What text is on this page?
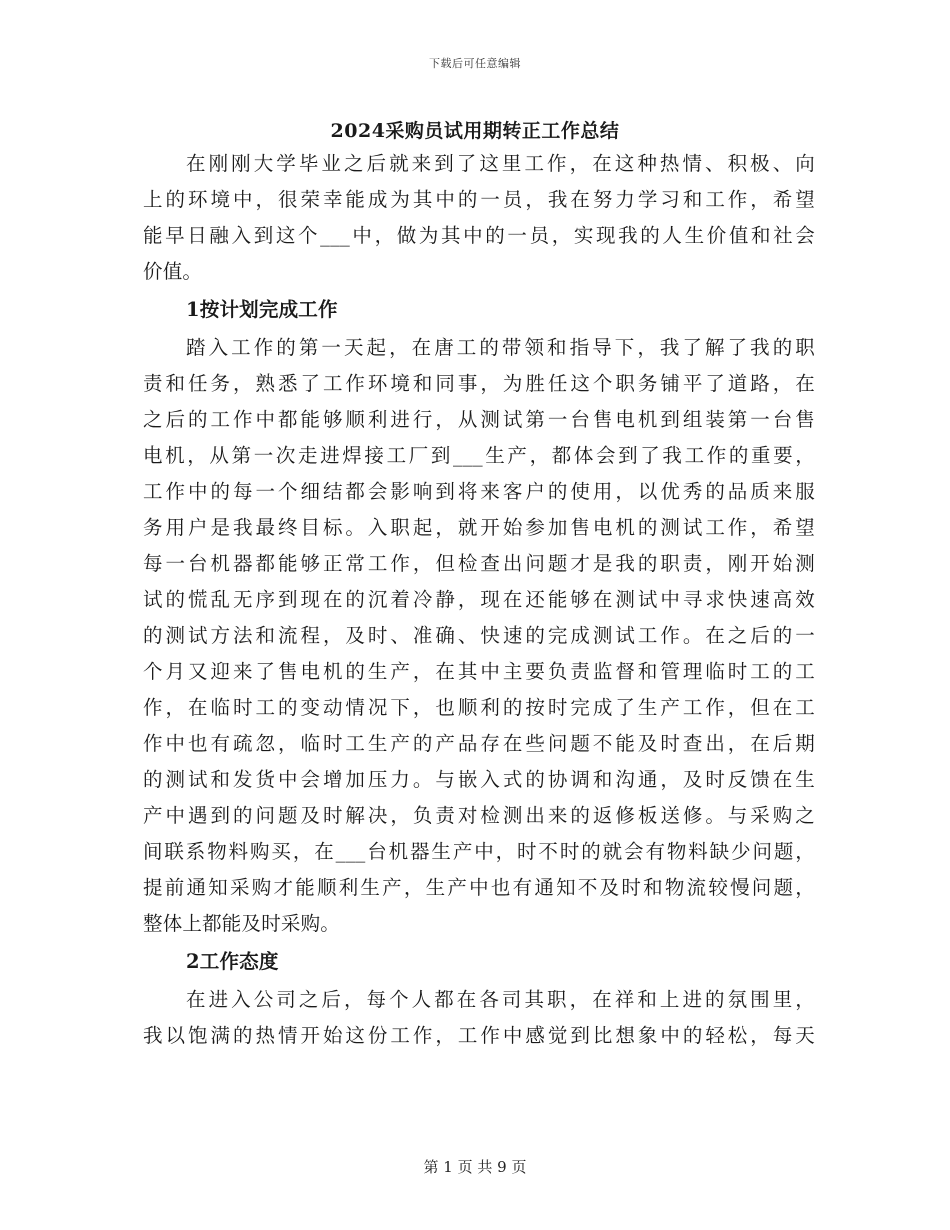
下载后可任意编辑
2024采购员试用期转正工作总结
在刚刚大学毕业之后就来到了这里工作，在这种热情、积极、向
上的环境中，很荣幸能成为其中的一员，我在努力学习和工作，希望
能早日融入到这个___中，做为其中的一员，实现我的人生价值和社会
价值。
1按计划完成工作
踏入工作的第一天起，在唐工的带领和指导下，我了解了我的职
责和任务，熟悉了工作环境和同事，为胜任这个职务铺平了道路，在
之后的工作中都能够顺利进行，从测试第一台售电机到组装第一台售
电机，从第一次走进焊接工厂到___生产，都体会到了我工作的重要，
工作中的每一个细结都会影响到将来客户的使用，以优秀的品质来服
务用户是我最终目标。入职起，就开始参加售电机的测试工作，希望
每一台机器都能够正常工作，但检查出问题才是我的职责，刚开始测
试的慌乱无序到现在的沉着冷静，现在还能够在测试中寻求快速高效
的测试方法和流程，及时、准确、快速的完成测试工作。在之后的一
个月又迎来了售电机的生产，在其中主要负责监督和管理临时工的工
作，在临时工的变动情况下，也顺利的按时完成了生产工作，但在工
作中也有疏忽，临时工生产的产品存在些问题不能及时查出，在后期
的测试和发货中会增加压力。与嵌入式的协调和沟通，及时反馈在生
产中遇到的问题及时解决，负责对检测出来的返修板送修。与采购之
间联系物料购买，在___台机器生产中，时不时的就会有物料缺少问题，
提前通知采购才能顺利生产，生产中也有通知不及时和物流较慢问题，
整体上都能及时采购。
2工作态度
在进入公司之后，每个人都在各司其职，在祥和上进的氛围里，
我以饱满的热情开始这份工作，工作中感觉到比想象中的轻松，每天
第 1 页 共 9 页
